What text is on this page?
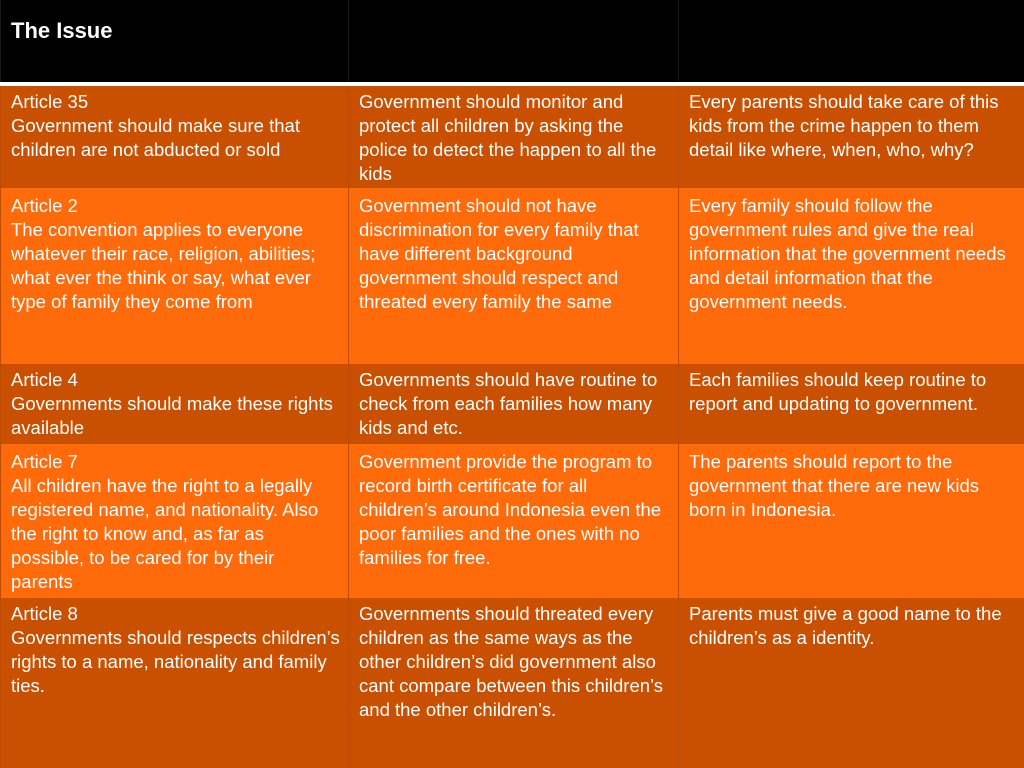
The Issue		

Article 35
Government should make sure that children are not abducted or sold	Government should monitor and protect all children by asking the police to detect the happen to all the kids	Every parents should take care of this kids from the crime happen to them detail like where, when, who, why?
Article 2
The convention applies to everyone whatever their race, religion, abilities; what ever the think or say, what ever type of family they come from	Government should not have discrimination for every family that have different background government should respect and threated every family the same	Every family should follow the government rules and give the real information that the government needs and detail information that the government needs.
Article 4
Governments should make these rights available	Governments should have routine to check from each families how many kids and etc.	Each families should keep routine to report and updating to government.
Article 7
All children have the right to a legally registered name, and nationality. Also the right to know and, as far as possible, to be cared for by their parents	Government provide the program to record birth certificate for all children’s around Indonesia even the poor families and the ones with no families for free.	The parents should report to the government that there are new kids born in Indonesia.
Article 8
Governments should respects children’s rights to a name, nationality and family ties.	Governments should threated every children as the same ways as the other children’s did government also cant compare between this children’s and the other children’s.	Parents must give a good name to the children’s as a identity.
